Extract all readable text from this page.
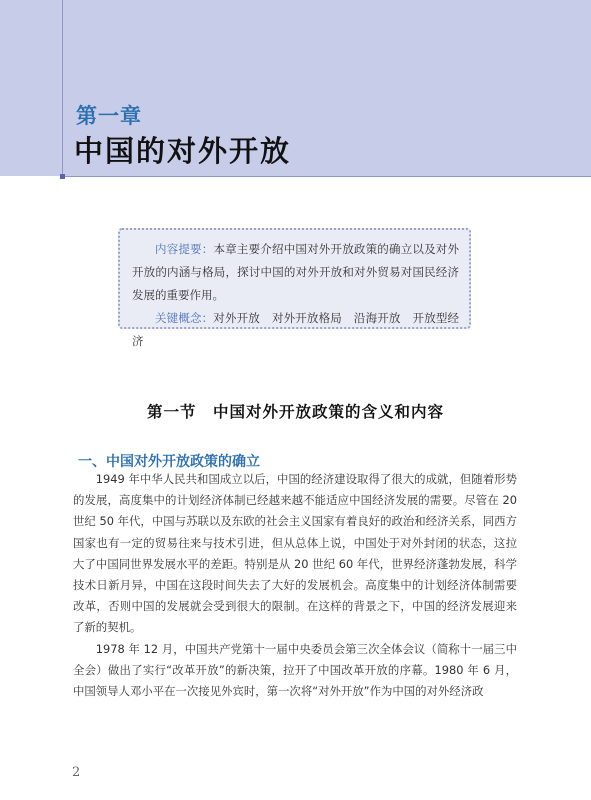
第一章
中国的对外开放

内容提要：本章主要介绍中国对外开放政策的确立以及对外开放的内涵与格局，探讨中国的对外开放和对外贸易对国民经济发展的重要作用。

关键概念：对外开放 对外开放格局 沿海开放 开放型经济

第一节　中国对外开放政策的含义和内容
一、中国对外开放政策的确立

1949 年中华人民共和国成立以后，中国的经济建设取得了很大的成就，但随着形势的发展，高度集中的计划经济体制已经越来越不能适应中国经济发展的需要。尽管在 20 世纪 50 年代，中国与苏联以及东欧的社会主义国家有着良好的政治和经济关系，同西方国家也有一定的贸易往来与技术引进，但从总体上说，中国处于对外封闭的状态，这拉大了中国同世界发展水平的差距。特别是从 20 世纪 60 年代，世界经济蓬勃发展，科学技术日新月异，中国在这段时间失去了大好的发展机会。高度集中的计划经济体制需要改革，否则中国的发展就会受到很大的限制。在这样的背景之下，中国的经济发展迎来了新的契机。

1978 年 12 月，中国共产党第十一届中央委员会第三次全体会议（简称十一届三中全会）做出了实行“改革开放”的新决策，拉开了中国改革开放的序幕。1980 年 6 月，中国领导人邓小平在一次接见外宾时，第一次将“对外开放”作为中国的对外经济政

2
